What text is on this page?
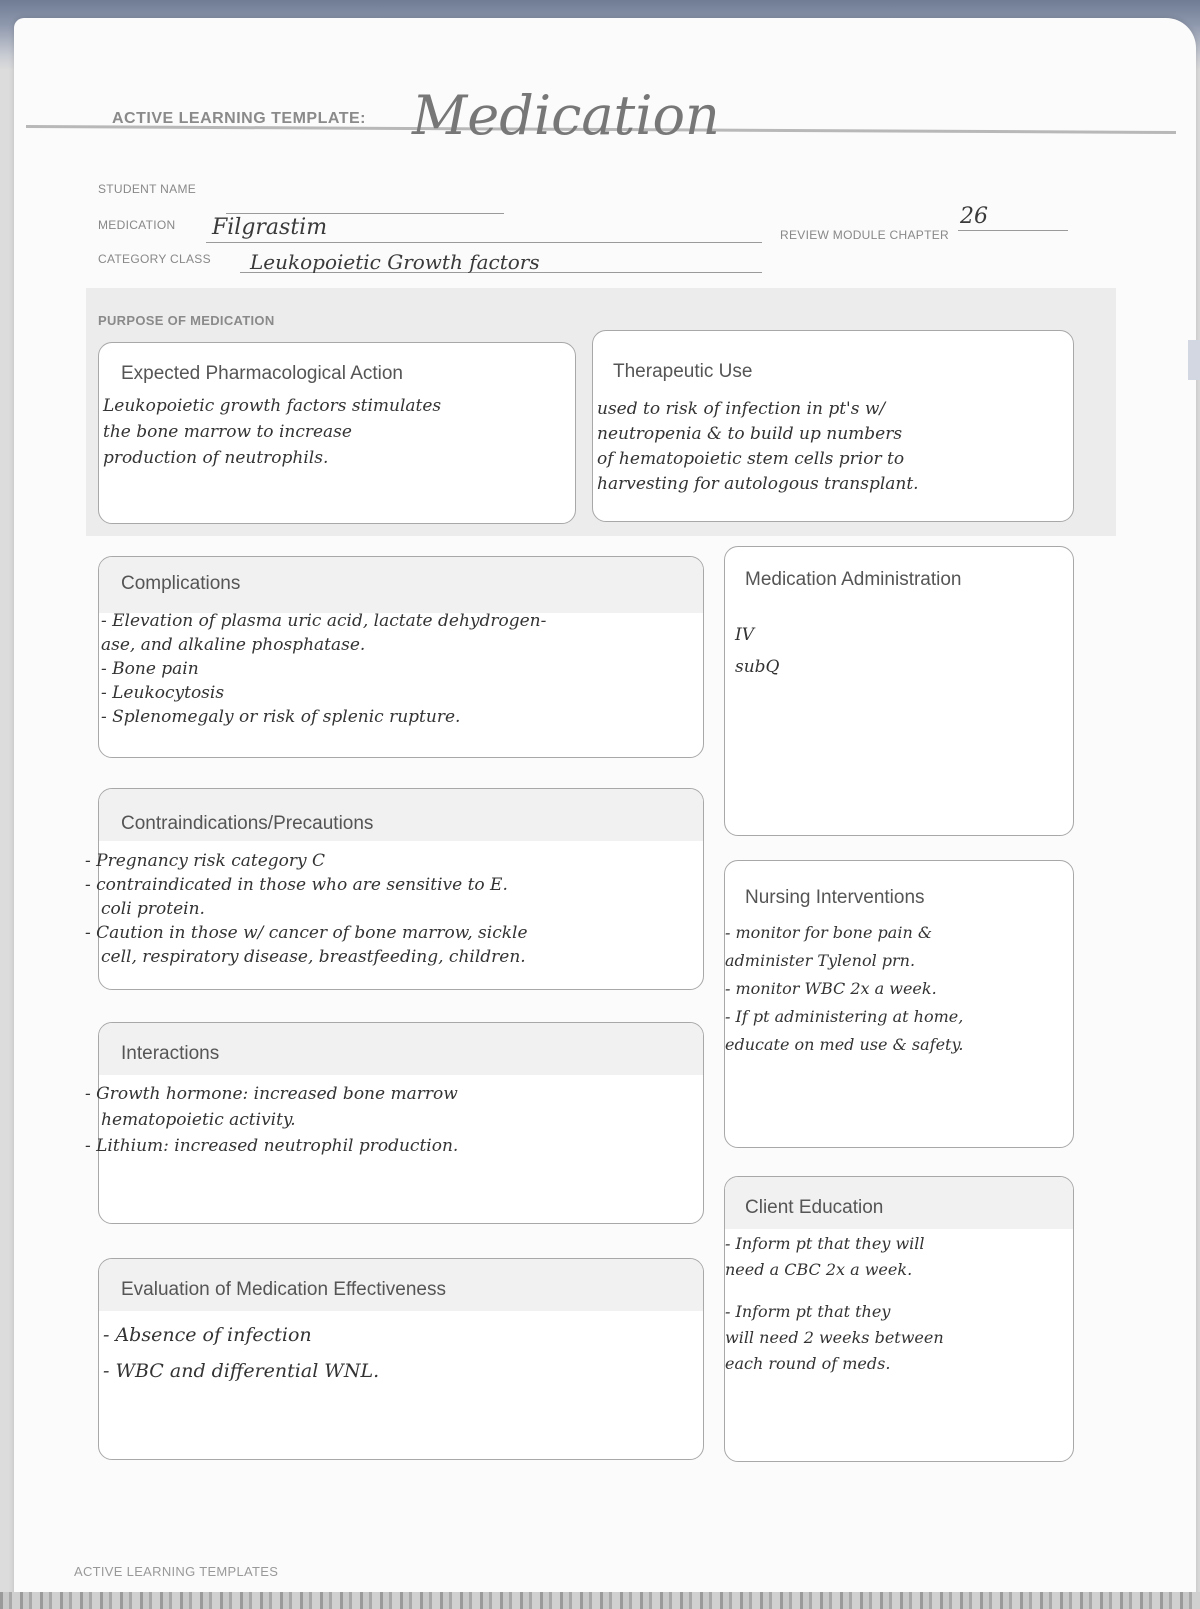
ACTIVE LEARNING TEMPLATE: Medication
STUDENT NAME
MEDICATION Filgrastim	REVIEW MODULE CHAPTER
26
CATEGORY CLASS Leukopoietic Growth factors
PURPOSE OF MEDICATION
Expected Pharmacological Action
Leukopoietic growth factors stimulates
the bone marrow to increase
production of neutrophils.
Therapeutic Use
used to risk of infection in pt's w/
neutropenia & to build up numbers
of hematopoietic stem cells prior to
harvesting for autologous transplant.
Complications
- Elevation of plasma uric acid, lactate dehydrogen-
ase, and alkaline phosphatase.
- Bone pain
- Leukocytosis
- Splenomegaly or risk of splenic rupture.
Medication Administration
IV
subQ
Contraindications/Precautions
- Pregnancy risk category C
- contraindicated in those who are sensitive to E.
coli protein.
- Caution in those w/ cancer of bone marrow, sickle
cell, respiratory disease, breastfeeding, children.
Nursing Interventions
- monitor for bone pain &
administer Tylenol prn.
- monitor WBC 2x a week.
- If pt administering at home,
educate on med use & safety.
Interactions
- Growth hormone: increased bone marrow
hematopoietic activity.
- Lithium: increased neutrophil production.
Client Education
- Inform pt that they will
need a CBC 2x a week.
- Inform pt that they
will need 2 weeks between
each round of meds.
Evaluation of Medication Effectiveness
- Absence of infection
- WBC and differential WNL.
ACTIVE LEARNING TEMPLATES
